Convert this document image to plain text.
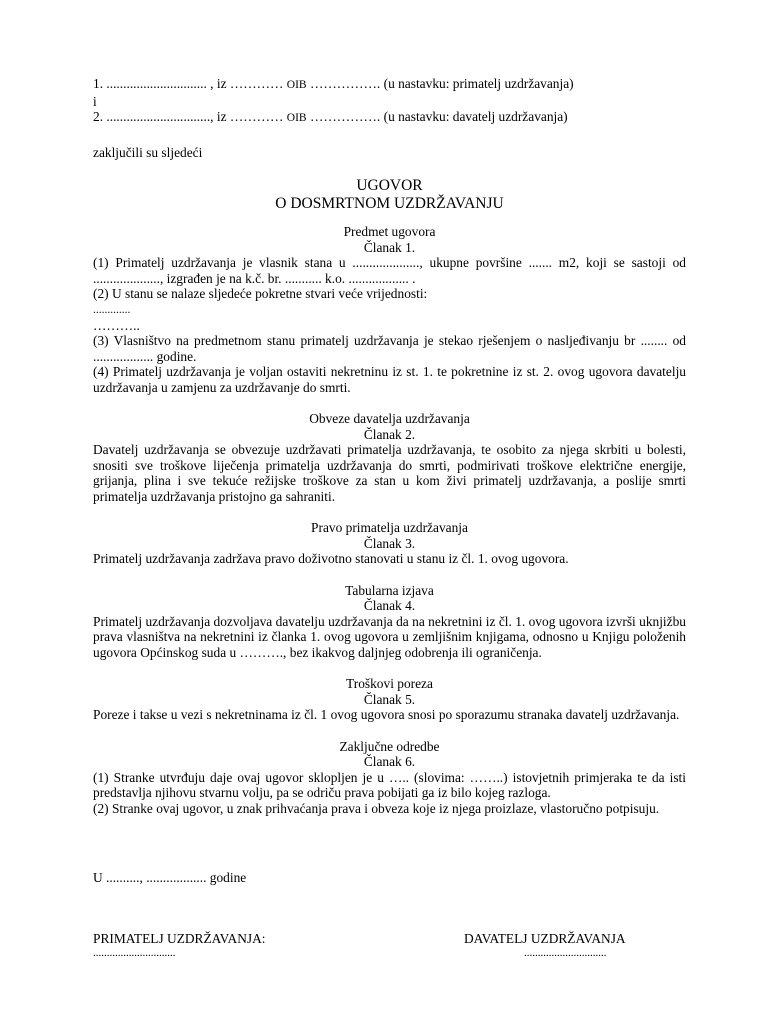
1. .............................. , iz ………… OIB ……………. (u nastavku: primatelj uzdržavanja)

i

2. ..............................., iz ………… OIB ……………. (u nastavku: davatelj uzdržavanja)

zaključili su sljedeći

UGOVOR

O DOSMRTNOM UZDRŽAVANJU

Predmet ugovora

Članak 1.

(1) Primatelj uzdržavanja je vlasnik stana u ...................., ukupne površine ....... m2, koji se sastoji od ...................., izgrađen je na k.č. br. ........... k.o. .................. .

(2) U stanu se nalaze sljedeće pokretne stvari veće vrijednosti:

.............

………..

(3) Vlasništvo na predmetnom stanu primatelj uzdržavanja je stekao rješenjem o nasljeđivanju br ........ od .................. godine.

(4) Primatelj uzdržavanja je voljan ostaviti nekretninu iz st. 1. te pokretnine iz st. 2. ovog ugovora davatelju uzdržavanja u zamjenu za uzdržavanje do smrti.

Obveze davatelja uzdržavanja

Članak 2.

Davatelj uzdržavanja se obvezuje uzdržavati primatelja uzdržavanja, te osobito za njega skrbiti u bolesti, snositi sve troškove liječenja primatelja uzdržavanja do smrti, podmirivati troškove električne energije, grijanja, plina i sve tekuće režijske troškove za stan u kom živi primatelj uzdržavanja, a poslije smrti primatelja uzdržavanja pristojno ga sahraniti.

Pravo primatelja uzdržavanja

Članak 3.

Primatelj uzdržavanja zadržava pravo doživotno stanovati u stanu iz čl. 1. ovog ugovora.

Tabularna izjava

Članak 4.

Primatelj uzdržavanja dozvoljava davatelju uzdržavanja da na nekretnini iz čl. 1. ovog ugovora izvrši uknjižbu prava vlasništva na nekretnini iz članka 1. ovog ugovora u zemljišnim knjigama, odnosno u Knjigu položenih ugovora Općinskog suda u ………., bez ikakvog daljnjeg odobrenja ili ograničenja.

Troškovi poreza

Članak 5.

Poreze i takse u vezi s nekretninama iz čl. 1 ovog ugovora snosi po sporazumu stranaka davatelj uzdržavanja.

Zaključne odredbe

Članak 6.

(1) Stranke utvrđuju daje ovaj ugovor sklopljen je u ….. (slovima: ……..) istovjetnih primjeraka te da isti predstavlja njihovu stvarnu volju, pa se odriču prava pobijati ga iz bilo kojeg razloga.

(2) Stranke ovaj ugovor, u znak prihvaćanja prava i obveza koje iz njega proizlaze, vlastoručno potpisuju.

U .........., .................. godine

PRIMATELJ UZDRŽAVANJA:

..............................

DAVATELJ UZDRŽAVANJA

..............................
